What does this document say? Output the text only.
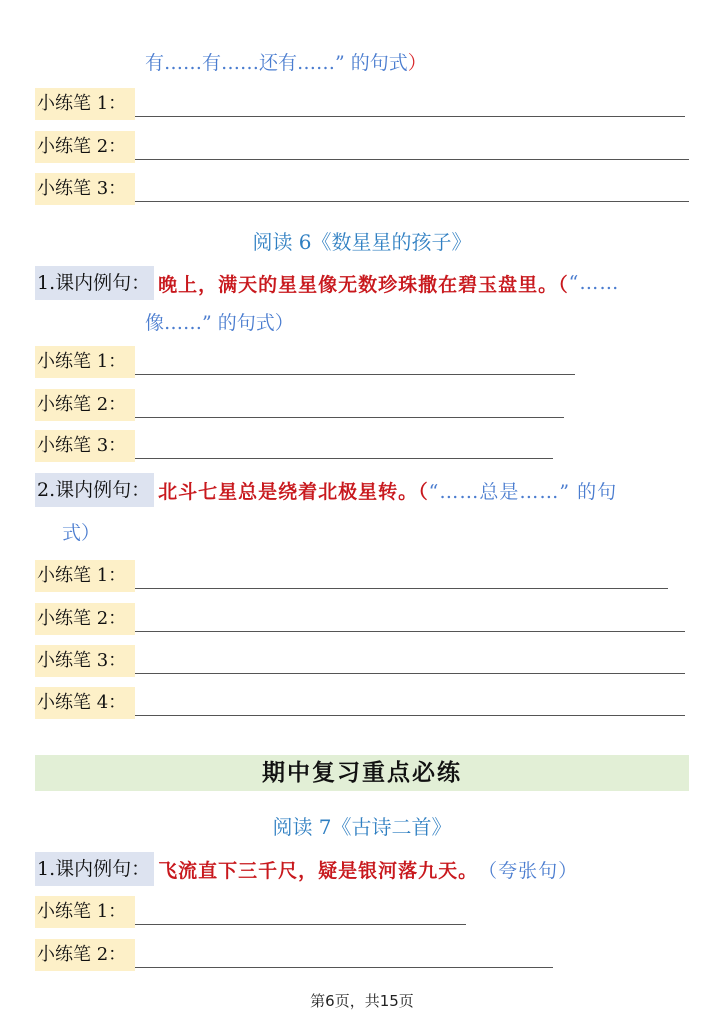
有……有……还有……” 的句式）
小练笔 1：
小练笔 2：
小练笔 3：
阅读 6《数星星的孩子》
1.课内例句： 晚上，满天的星星像无数珍珠撒在碧玉盘里。（ “……
像……” 的句式）
小练笔 1：
小练笔 2：
小练笔 3：
2.课内例句： 北斗七星总是绕着北极星转。（ “……总是……” 的句
式）
小练笔 1：
小练笔 2：
小练笔 3：
小练笔 4：
期中复习重点必练
阅读 7《古诗二首》
1.课内例句： 飞流直下三千尺，疑是银河落九天。 （夸张句）
小练笔 1：
小练笔 2：
第6页，共15页
